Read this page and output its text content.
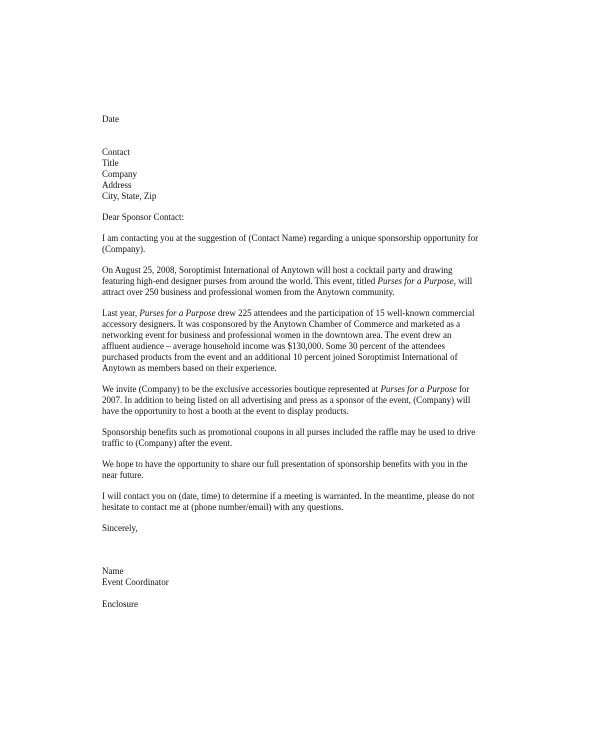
Date

Contact
Title
Company
Address
City, State, Zip

Dear Sponsor Contact:

I am contacting you at the suggestion of (Contact Name) regarding a unique sponsorship opportunity for
(Company).

On August 25, 2008, Soroptimist International of Anytown will host a cocktail party and drawing
featuring high-end designer purses from around the world. This event, titled Purses for a Purpose, will
attract over 250 business and professional women from the Anytown community.

Last year, Purses for a Purpose drew 225 attendees and the participation of 15 well-known commercial
accessory designers. It was cosponsored by the Anytown Chamber of Commerce and marketed as a
networking event for business and professional women in the downtown area. The event drew an
affluent audience – average household income was $130,000. Some 30 percent of the attendees
purchased products from the event and an additional 10 percent joined Soroptimist International of
Anytown as members based on their experience.

We invite (Company) to be the exclusive accessories boutique represented at Purses for a Purpose for
2007. In addition to being listed on all advertising and press as a sponsor of the event, (Company) will
have the opportunity to host a booth at the event to display products.

Sponsorship benefits such as promotional coupons in all purses included the raffle may be used to drive
traffic to (Company) after the event.

We hope to have the opportunity to share our full presentation of sponsorship benefits with you in the
near future.

I will contact you on (date, time) to determine if a meeting is warranted. In the meantime, please do not
hesitate to contact me at (phone number/email) with any questions.

Sincerely,

Name
Event Coordinator

Enclosure
